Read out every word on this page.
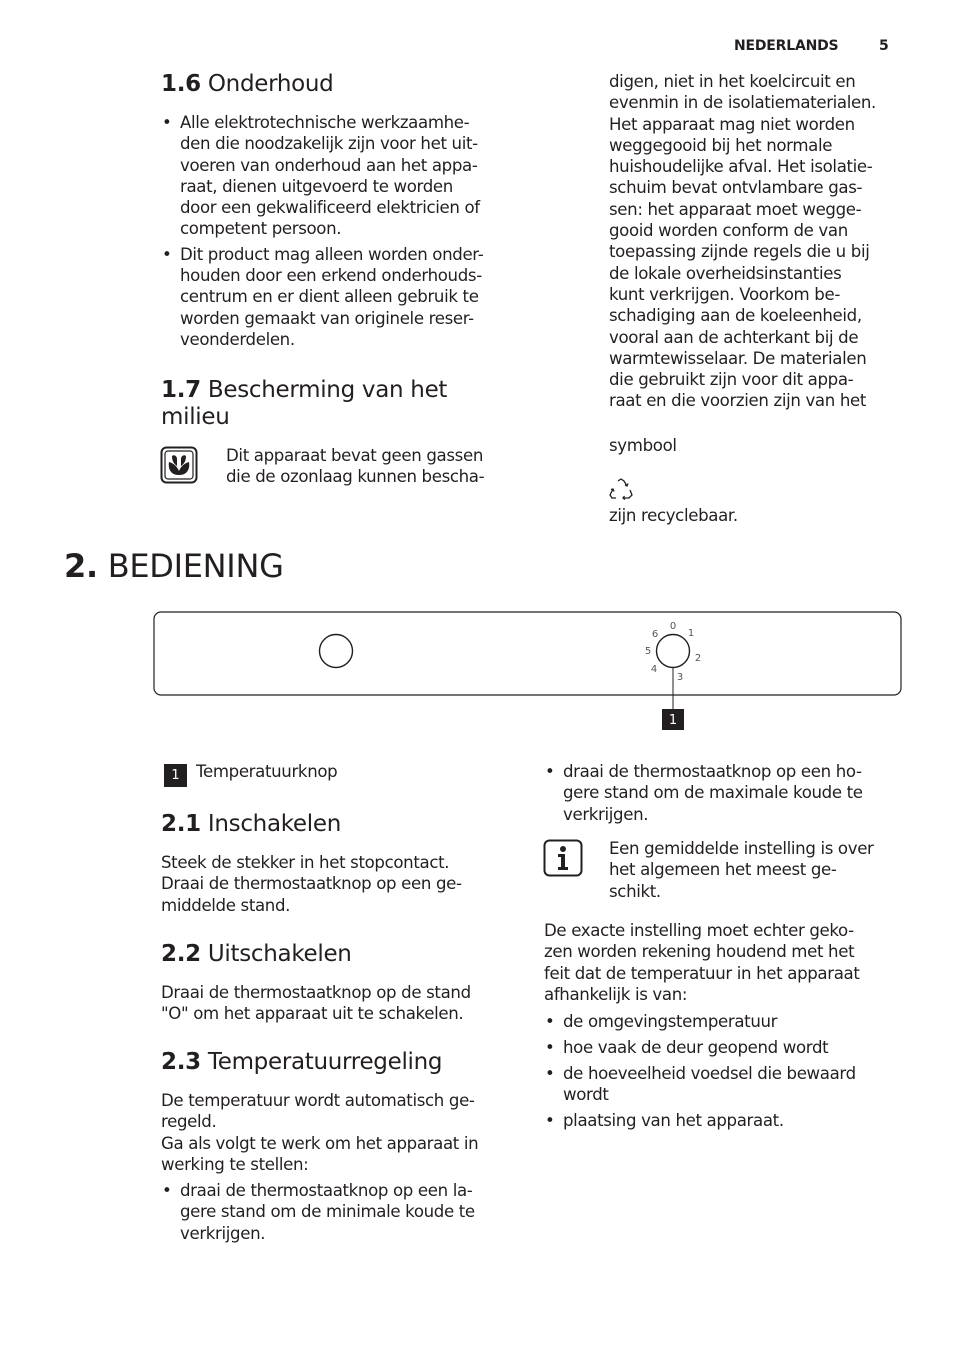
NEDERLANDS	5
1.6 Onderhoud
• Alle elektrotechnische werkzaamhe-
den die noodzakelijk zijn voor het uit-
voeren van onderhoud aan het appa-
raat, dienen uitgevoerd te worden
door een gekwalificeerd elektricien of
competent persoon.
• Dit product mag alleen worden onder-
houden door een erkend onderhouds-
centrum en er dient alleen gebruik te
worden gemaakt van originele reser-
veonderdelen.
1.7 Bescherming van het
milieu
Dit apparaat bevat geen gassen
die de ozonlaag kunnen bescha-
digen, niet in het koelcircuit en
evenmin in de isolatiematerialen.
Het apparaat mag niet worden
weggegooid bij het normale
huishoudelijke afval. Het isolatie-
schuim bevat ontvlambare gas-
sen: het apparaat moet wegge-
gooid worden conform de van
toepassing zijnde regels die u bij
de lokale overheidsinstanties
kunt verkrijgen. Voorkom be-
schadiging aan de koeleenheid,
vooral aan de achterkant bij de
warmtewisselaar. De materialen
die gebruikt zijn voor dit appa-
raat en die voorzien zijn van het

symbool

zijn recyclebaar.

2. BEDIENING
0
1
2
3
4
5
6
1
1 Temperatuurknop
2.1 Inschakelen
Steek de stekker in het stopcontact.
Draai de thermostaatknop op een ge-
middelde stand.
2.2 Uitschakelen
Draai de thermostaatknop op de stand
"O" om het apparaat uit te schakelen.
2.3 Temperatuurregeling
De temperatuur wordt automatisch ge-
regeld.
Ga als volgt te werk om het apparaat in
werking te stellen:
• draai de thermostaatknop op een la-
gere stand om de minimale koude te
verkrijgen.
• draai de thermostaatknop op een ho-
gere stand om de maximale koude te
verkrijgen.
Een gemiddelde instelling is over
het algemeen het meest ge-
schikt.
De exacte instelling moet echter geko-
zen worden rekening houdend met het
feit dat de temperatuur in het apparaat
afhankelijk is van:
• de omgevingstemperatuur
• hoe vaak de deur geopend wordt
• de hoeveelheid voedsel die bewaard
wordt
• plaatsing van het apparaat.
